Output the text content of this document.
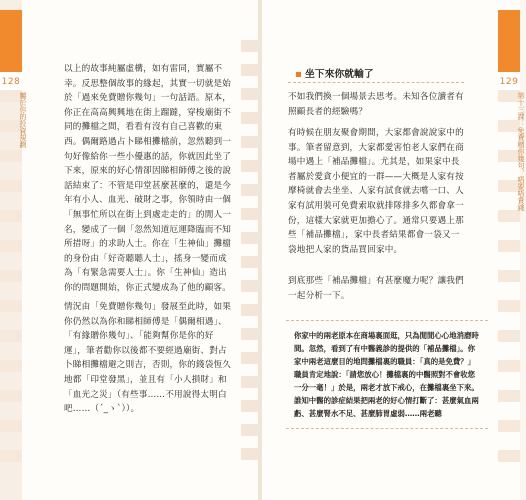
128
屬於你的投資規劃
以上的故事純屬虛構，如有雷同，實屬不幸。反思整個故事的緣起，其實一切就是始於「過來免費贈你幾句」一句話語。原本，你正在高高興興地在街上蹓躂，穿梭廟街不同的攤檔之間，看看有沒有自己喜歡的東西。偶爾路過占卜睇相攤檔前，忽然聽到一句好像給你一些小優惠的話，你就因此坐了下來，原來的好心情卻因睇相師傅之後的說話結束了：不管是印堂甚麼甚麼的，還是今年有小人、血光、破財之事，你領時由一個「無事忙所以在街上到處走走的」的閒人一名，變成了一個「忽然知道厄運降臨而不知所措呀」的求助人士。你在「生神仙」攤檔的身份由「好奇聽聽人士」，搖身一變而成為「有緊急需要人士」。你「生神仙」造出你的問題開始，你正式變成為了他的顧客。
情況由「免費贈你幾句」發展至此時，如果你仍然以為你和睇相師傅是「偶爾相遇」、「有緣贈你幾句」、「能夠幫你是你的好運」，筆者勸你以後都不要經過廟街、對占卜睇相攤檔避之則吉，否則，你的錢袋恆久地都「印堂發黑」，並且有「小人損財」和「血光之災」（有些事……不用說得太明白吧……（´_ゝ`））。
坐下來你就輸了
不如我們換一個場景去思考。未知各位讀者有照顧長者的經驗嗎？
有時候在朋友聚會期間，大家都會說說家中的事。筆者留意到，大家都愛害怕老人家們在商場中遇上「補品攤檔」。尤其是，如果家中長者屬於愛貪小便宜的一群——大概是人家有按摩椅就會去坐坐、人家有試食就去嚐一口、人家有試用裝可免費索取就排隊排多久都會拿一份，這樣大家就更加擔心了。通常只要遇上那些「補品攤檔」，家中長者結果都會一袋又一袋地把人家的貨品買回家中。
到底那些「補品攤檔」有甚麼魔力呢？讓我們一起分析一下。
你家中的兩老原本在商場裏面逛，只為閒閒心心地消磨時間。忽然，看到了有中醫義診的提供的「補品攤檔」。你家中兩老這麼目的地問攤檔裏的職員：「真的是免費？」職員肯定地說：「請您放心！攤檔裏的中醫照對不會收您一分一毫！」於是，兩老才放下戒心，在攤檔裏坐下來。誰知中醫的診症結果把兩老的好心情打斷了：甚麼氣血兩虧、甚麼腎水不足、甚麼肺胃虛弱……兩老聽
129
第十三課：免費贈你幾句，唔要唔貴錢
